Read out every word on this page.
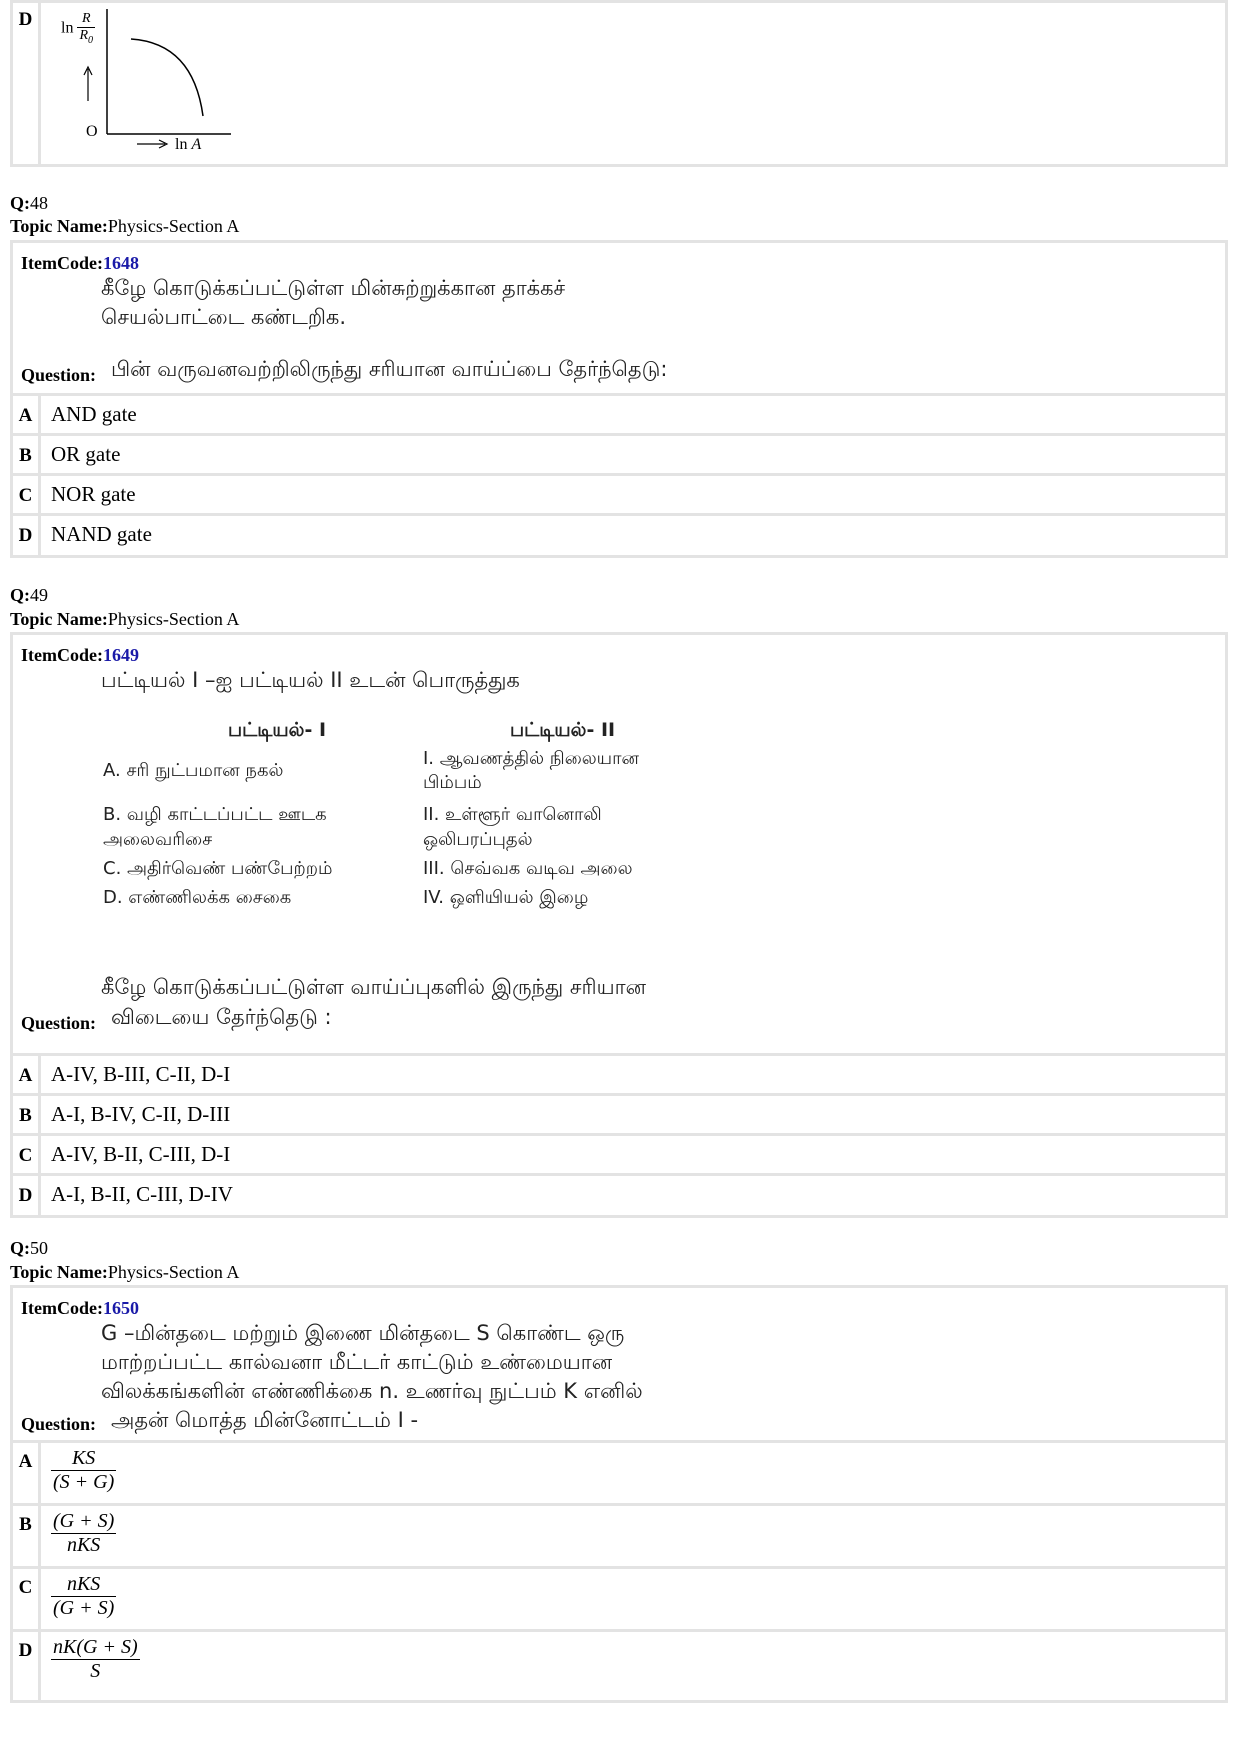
D	$\ln \frac{R}{R_0}$
O
ln A
Q:48
Topic Name:Physics-Section A
ItemCode:1648
கீழே கொடுக்கப்பட்டுள்ள மின்சுற்றுக்கான தாக்கச்
செயல்பாட்டை கண்டறிக.
Question: பின் வருவனவற்றிலிருந்து சரியான வாய்ப்பை தேர்ந்தெடு:
A AND gate
B OR gate
C NOR gate
D NAND gate
Q:49
Topic Name:Physics-Section A
ItemCode:1649
பட்டியல் I –ஐ பட்டியல் II உடன் பொருத்துக
பட்டியல்- I	பட்டியல்- II
A. சரி நுட்பமான நகல்
B. வழி காட்டப்பட்ட ஊடக
அலைவரிசை
C. அதிர்வெண் பண்பேற்றம்
D. எண்ணிலக்க சைகை
I. ஆவணத்தில் நிலையான
பிம்பம்
II. உள்ளூர் வானொலி
ஒலிபரப்புதல்
III. செவ்வக வடிவ அலை
IV. ஒளியியல் இழை
கீழே கொடுக்கப்பட்டுள்ள வாய்ப்புகளில் இருந்து சரியான
Question: விடையை தேர்ந்தெடு :
A A-IV, B-III, C-II, D-I
B A-I, B-IV, C-II, D-III
C A-IV, B-II, C-III, D-I
D A-I, B-II, C-III, D-IV
Q:50
Topic Name:Physics-Section A
ItemCode:1650
G –மின்தடை மற்றும் இணை மின்தடை S கொண்ட ஒரு
மாற்றப்பட்ட கால்வனா மீட்டர் காட்டும் உண்மையான
விலக்கங்களின் எண்ணிக்கை n. உணர்வு நுட்பம் K எனில்
Question: அதன் மொத்த மின்னோட்டம் I -
A $\frac{KS}{(S + G)}$
B $\frac{(G + S)}{\text{nKS}}$
C $\frac{\text{nKS}}{(G + S)}$
D $\frac{nK(G + S)}{S}$
